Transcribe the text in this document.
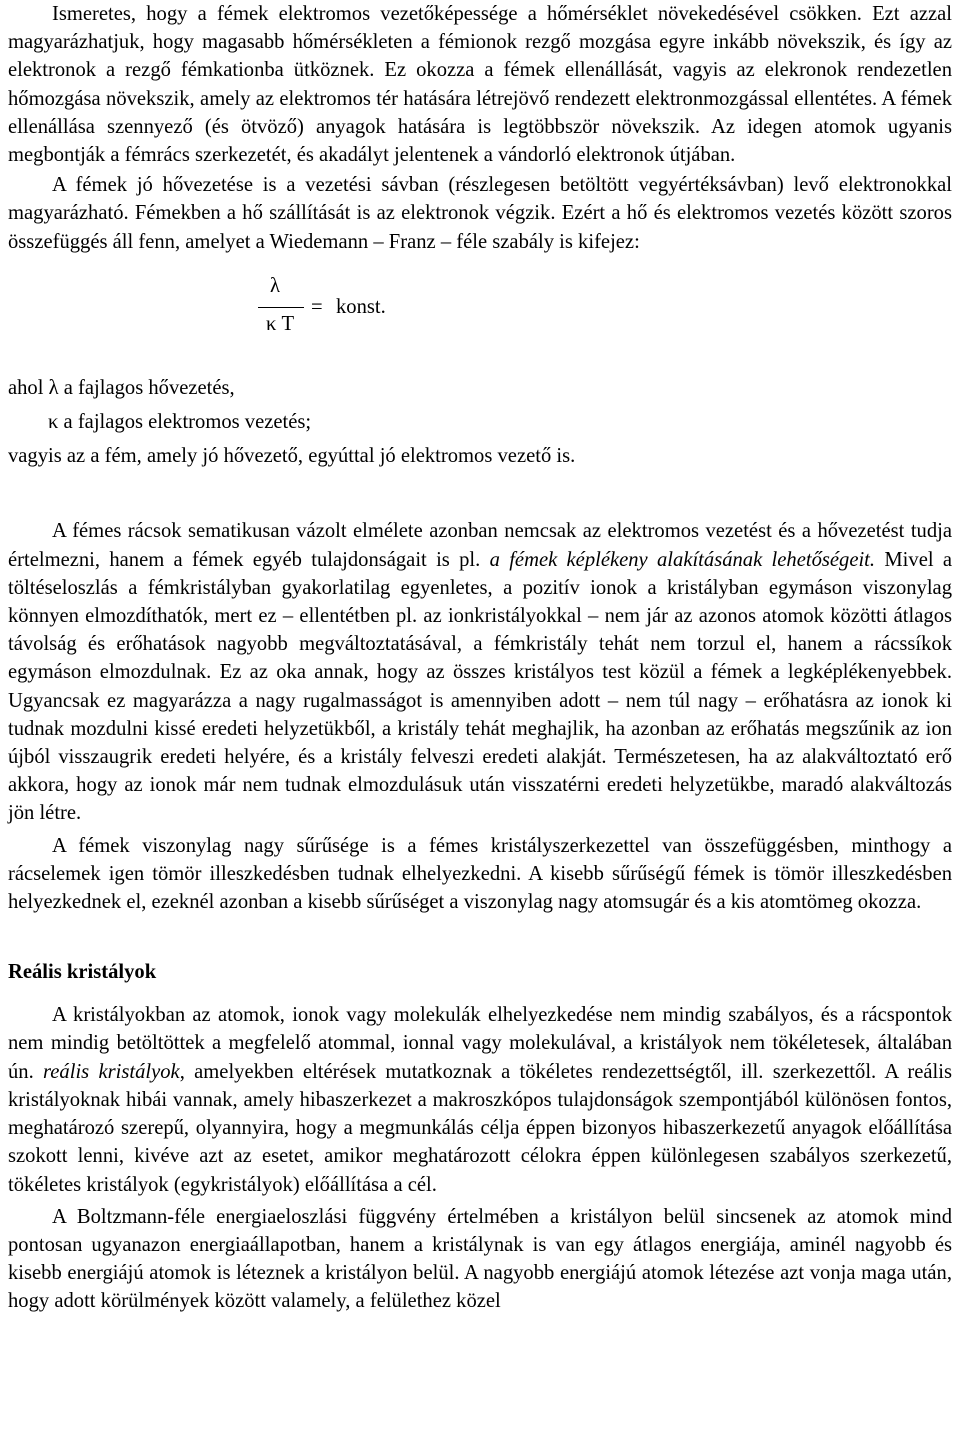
Ismeretes, hogy a fémek elektromos vezetőképessége a hőmérséklet növekedésével csökken. Ezt azzal magyarázhatjuk, hogy magasabb hőmérsékleten a fémionok rezgő mozgása egyre inkább növekszik, és így az elektronok a rezgő fémkationba ütköznek. Ez okozza a fémek ellenállását, vagyis az elekronok rendezetlen hőmozgása növekszik, amely az elektromos tér hatására létrejövő rendezett elektronmozgással ellentétes. A fémek ellenállása szennyező (és ötvöző) anyagok hatására is legtöbbször növekszik. Az idegen atomok ugyanis megbontják a fémrács szerkezetét, és akadályt jelentenek a vándorló elektronok útjában.

A fémek jó hővezetése is a vezetési sávban (részlegesen betöltött vegyértéksávban) levő elektronokkal magyarázható. Fémekben a hő szállítását is az elektronok végzik. Ezért a hő és elektromos vezetés között szoros összefüggés áll fenn, amelyet a Wiedemann – Franz – féle szabály is kifejez:

λ
κ T
= konst.

ahol λ a fajlagos hővezetés,

κ a fajlagos elektromos vezetés;

vagyis az a fém, amely jó hővezető, egyúttal jó elektromos vezető is.

A fémes rácsok sematikusan vázolt elmélete azonban nemcsak az elektromos vezetést és a hővezetést tudja értelmezni, hanem a fémek egyéb tulajdonságait is pl. a fémek képlékeny alakításának lehetőségeit. Mivel a töltéseloszlás a fémkristályban gyakorlatilag egyenletes, a pozitív ionok a kristályban egymáson viszonylag könnyen elmozdíthatók, mert ez – ellentétben pl. az ionkristályokkal – nem jár az azonos atomok közötti átlagos távolság és erőhatások nagyobb megváltoztatásával, a fémkristály tehát nem torzul el, hanem a rácssíkok egymáson elmozdulnak. Ez az oka annak, hogy az összes kristályos test közül a fémek a legképlékenyebbek. Ugyancsak ez magyarázza a nagy rugalmasságot is amennyiben adott – nem túl nagy – erőhatásra az ionok ki tudnak mozdulni kissé eredeti helyzetükből, a kristály tehát meghajlik, ha azonban az erőhatás megszűnik az ion újból visszaugrik eredeti helyére, és a kristály felveszi eredeti alakját. Természetesen, ha az alakváltoztató erő akkora, hogy az ionok már nem tudnak elmozdulásuk után visszatérni eredeti helyzetükbe, maradó alakváltozás jön létre.

A fémek viszonylag nagy sűrűsége is a fémes kristályszerkezettel van összefüggésben, minthogy a rácselemek igen tömör illeszkedésben tudnak elhelyezkedni. A kisebb sűrűségű fémek is tömör illeszkedésben helyezkednek el, ezeknél azonban a kisebb sűrűséget a viszonylag nagy atomsugár és a kis atomtömeg okozza.

Reális kristályok

A kristályokban az atomok, ionok vagy molekulák elhelyezkedése nem mindig szabályos, és a rácspontok nem mindig betöltöttek a megfelelő atommal, ionnal vagy molekulával, a kristályok nem tökéletesek, általában ún. reális kristályok, amelyekben eltérések mutatkoznak a tökéletes rendezettségtől, ill. szerkezettől. A reális kristályoknak hibái vannak, amely hibaszerkezet a makroszkópos tulajdonságok szempontjából különösen fontos, meghatározó szerepű, olyannyira, hogy a megmunkálás célja éppen bizonyos hibaszerkezetű anyagok előállítása szokott lenni, kivéve azt az esetet, amikor meghatározott célokra éppen különlegesen szabályos szerkezetű, tökéletes kristályok (egykristályok) előállítása a cél.

A Boltzmann-féle energiaeloszlási függvény értelmében a kristályon belül sincsenek az atomok mind pontosan ugyanazon energiaállapotban, hanem a kristálynak is van egy átlagos energiája, aminél nagyobb és kisebb energiájú atomok is léteznek a kristályon belül. A nagyobb energiájú atomok létezése azt vonja maga után, hogy adott körülmények között valamely, a felülethez közel
